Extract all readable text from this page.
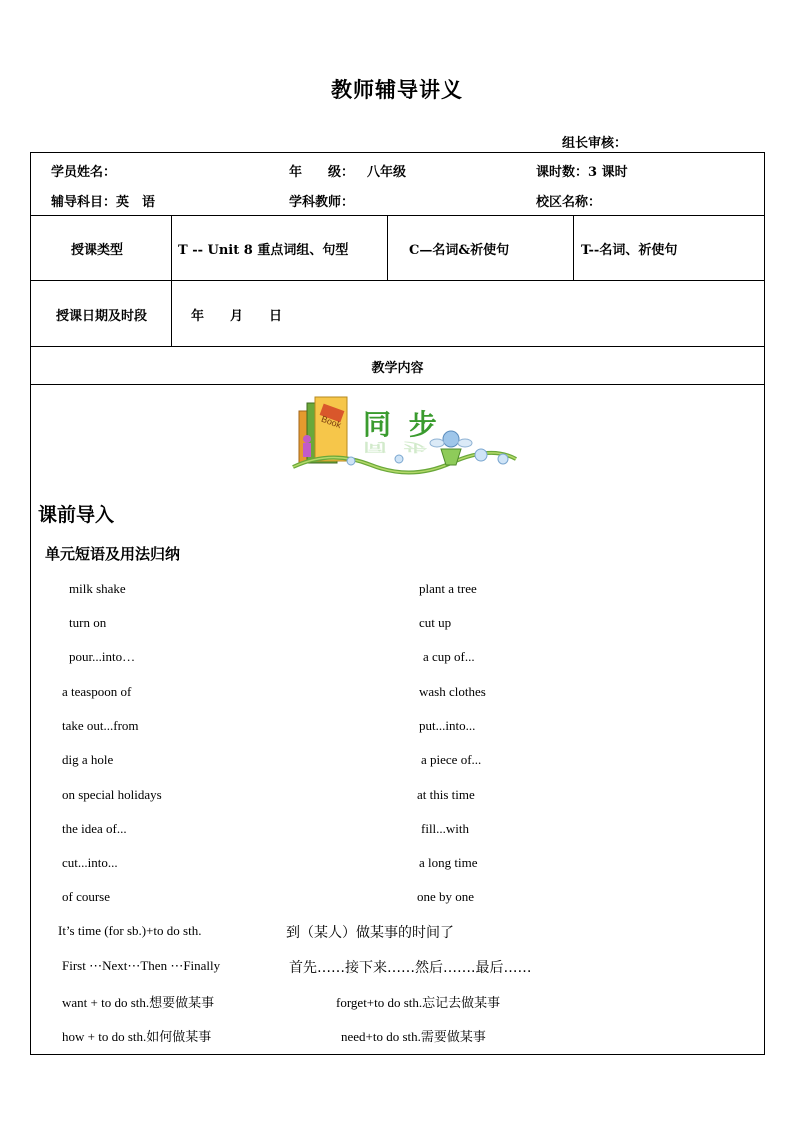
教师辅导讲义
组长审核：
学员姓名：	年　　级： 八年级	课时数：3 课时
辅导科目：英　语	学科教师：	校区名称：
授课类型	T -- Unit 8 重点词组、句型	C—名词&祈使句	T--名词、祈使句
授课日期及时段	年　　月　　日
教学内容
Book 同 步
同 步
课前导入
单元短语及用法归纳
milk shake	plant a tree
turn on	cut up
pour...into…	a cup of...
a teaspoon of	wash clothes
take out...from	put...into...
dig a hole	a piece of...
on special holidays	at this time
the idea of...	fill...with
cut...into...	a long time
of course	one by one
It’s time (for sb.)+to do sth.	到（某人）做某事的时间了
First ⋯Next⋯Then ⋯Finally	首先……接下来……然后…….最后……
want + to do sth.想要做某事	forget+to do sth.忘记去做某事
how + to do sth.如何做某事	need+to do sth.需要做某事
